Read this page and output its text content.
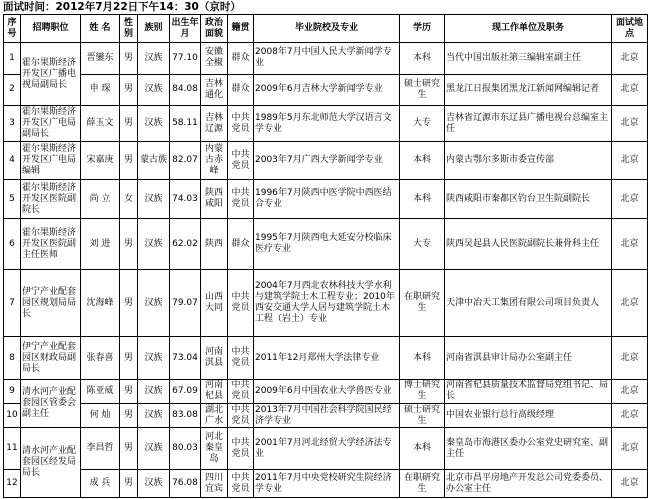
面试时间：2012年7月22日下午14：30（京时）
序号	招聘职位	姓 名	性别	族别	出生年月	政治面貌	籍贯	毕业院校及专业	学历	现工作单位及职务	面试地点
1	霍尔果斯经济开发区广播电视局副局长	晋鑾东	男	汉族	77.10	安徽全椒	群众	2008年7月中国人民大学新闻学专业	本科	当代中国出版社第三编辑室副主任	北京
2		申 琛	男	汉族	84.08	吉林通化	群众	2009年6月吉林大学新闻学专业	硕士研究生	黑龙江日报集团黑龙江新闻网编辑记者	北京
3	霍尔果斯经济开发区广电局副局长	薛玉文	男	汉族	58.11	吉林辽源	中共党员	1989年5月东北师范大学汉语言文学专业	大专	吉林省辽源市东辽县广播电视台总编室主任	北京
4	霍尔果斯经济开发区广电局编辑	宋嘉庚	男	蒙古族	82.07	内蒙古赤峰	中共党员	2003年7月广西大学新闻学专业	本科	内蒙古鄂尔多斯市委宣传部	北京
5	霍尔果斯经济开发区医院副院长	尚 立	女	汉族	74.03	陕西咸阳	中共党员	1996年7月陕西中医学院中西医结合专业	本科	陕西咸阳市秦都区钓台卫生院副院长	北京
6	霍尔果斯经济开发区医院副主任医师	刘 进	男	汉族	62.02	陕西	群众	1995年7月陕西电大延安分校临床医疗专业	大专	陕西吴起县人民医院副院长兼骨科主任	北京
7	伊宁产业配套园区规划局局长	沈海峰	男	汉族	79.07	山西大同	中共党员	2004年7月西北农林科技大学水利与建筑学院土木工程专业；2010年西安交通大学人居与建筑学院土木工程（岩土）专业	在职研究生	天津中冶天工集团有限公司项目负责人	北京
8	伊宁产业配套园区财政局副局长	张春喜	男	汉族	73.04	河南淇县	中共党员	2011年12月郑州大学法律专业	本科	河南省淇县审计局办公室副主任	北京
9	清水河产业配套园区管委会副主任	陈亚威	男	汉族	67.09	河南杞县	中共党员	2009年6月中国农业大学兽医专业	博士研究生	河南省杞县质量技术监督局党组书记、局长	北京
10		何 灿	男	汉族	83.08	湖北广水	中共党员	2013年7月中国社会科学院国民经济学专业	硕士研究生	中国农业银行总行高级经理	北京
11	清水河产业配套园区经发局局长	李昌哲	男	汉族	80.03	河北秦皇岛	中共党员	2001年7月河北经贸大学经济法专业	本科	秦皇岛市海港区委办公室党史研究室、副主任	北京
12		成 兵	男	汉族	76.08	四川宜宾	中共党员	2011年7月中央党校研究生院经济学专业	在职研究生	北京市昌平房地产开发总公司党委委员、办公室主任	北京
